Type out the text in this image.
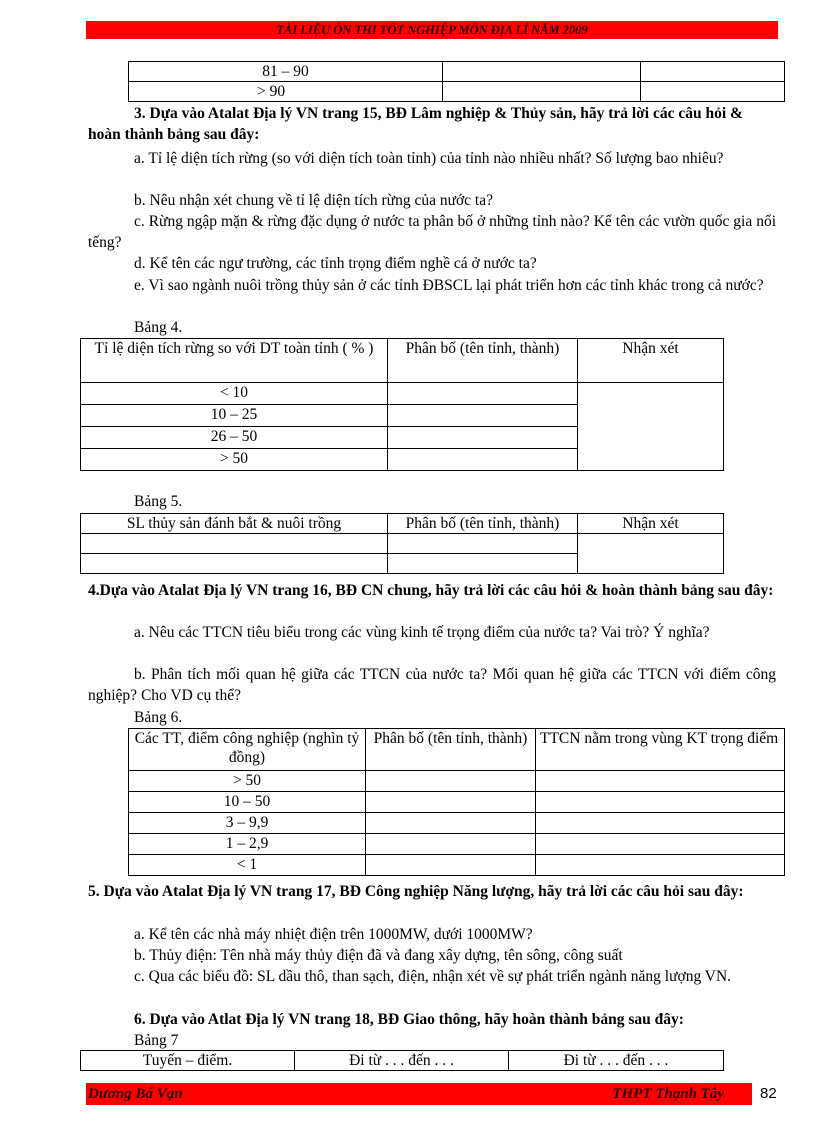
TÀI LIỆU ÔN THI TỐT NGHIỆP MÔN ĐỊA LÍ NĂM 2009
81 – 90		
> 90		
3. Dựa vào Atalat Địa lý VN trang 15, BĐ Lâm nghiệp & Thủy sản, hãy trả lời các câu hỏi & hoàn thành bảng sau đây:
a. Tỉ lệ diện tích rừng (so với diện tích toàn tỉnh) của tỉnh nào nhiều nhất? Số lượng bao nhiêu?
b. Nêu nhận xét chung về tỉ lệ diện tích rừng của nước ta?
c. Rừng ngập mặn & rừng đặc dụng ở nước ta phân bố ở những tỉnh nào? Kể tên các vườn quốc gia nổi tếng?
d. Kể tên các ngư trường, các tỉnh trọng điểm nghề cá ở nước ta?
e. Vì sao ngành nuôi trồng thủy sản ở các tỉnh ĐBSCL lại phát triển hơn các tỉnh khác trong cả nước?
Bảng 4.
Tỉ lệ diện tích rừng so với DT toàn tỉnh ( % )	Phân bố (tên tỉnh, thành)	Nhận xét
< 10		
10 – 25		
26 – 50		
> 50		
Bảng 5.
SL thủy sản đánh bắt & nuôi trồng	Phân bố (tên tỉnh, thành)	Nhận xét

4.Dựa vào Atalat Địa lý VN trang 16, BĐ CN chung, hãy trả lời các câu hỏi & hoàn thành bảng sau đây:
a. Nêu các TTCN tiêu biểu trong các vùng kinh tế trọng điểm của nước ta? Vai trò? Ý nghĩa?
b. Phân tích mối quan hệ giữa các TTCN của nước ta? Mối quan hệ giữa các TTCN với điểm công nghiệp? Cho VD cụ thể?
Bảng 6.
Các TT, điểm công nghiệp (nghìn tỷ đồng)	Phân bố (tên tỉnh, thành)	TTCN nằm trong vùng KT trọng điểm
> 50		
10 – 50		
3 – 9,9		
1 – 2,9		
< 1		
5. Dựa vào Atalat Địa lý VN trang 17, BĐ Công nghiệp Năng lượng, hãy trả lời các câu hỏi sau đây:
a. Kể tên các nhà máy nhiệt điện trên 1000MW, dưới 1000MW?
b. Thủy điện: Tên nhà máy thủy điện đã và đang xây dựng, tên sông, công suất
c. Qua các biểu đồ: SL dầu thô, than sạch, điện, nhận xét về sự phát triển ngành năng lượng VN.
6. Dựa vào Atlat Địa lý VN trang 18, BĐ Giao thông, hãy hoàn thành bảng sau đây:
Bảng 7
Tuyến – điểm.	Đi từ . . . đến . . .	Đi từ . . . đến . . .
Dương Bá Vạn	THPT Thạnh Tây 82
